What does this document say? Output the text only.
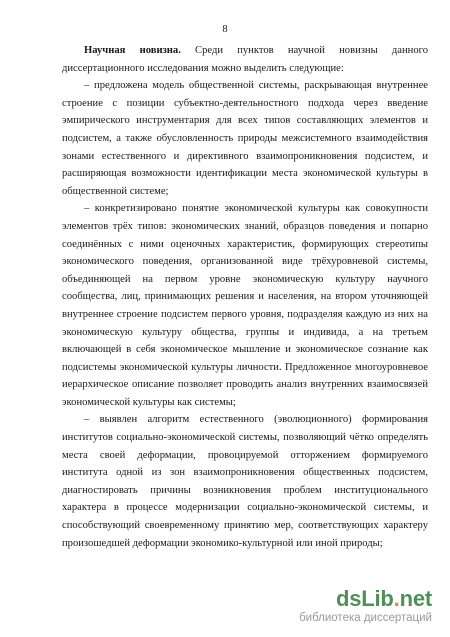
8

Научная новизна. Среди пунктов научной новизны данного диссертационного исследования можно выделить следующие:

– предложена модель общественной системы, раскрывающая внутреннее строение с позиции субъектно-деятельностного подхода через введение эмпирического инструментария для всех типов составляющих элементов и подсистем, а также обусловленность природы межсистемного взаимодействия зонами естественного и директивного взаимопроникновения подсистем, и расширяющая возможности идентификации места экономической культуры в общественной системе;

– конкретизировано понятие экономической культуры как совокупности элементов трёх типов: экономических знаний, образцов поведения и попарно соединённых с ними оценочных характеристик, формирующих стереотипы экономического поведения, организованной виде трёхуровневой системы, объединяющей на первом уровне экономическую культуру научного сообщества, лиц, принимающих решения и населения, на втором уточняющей внутреннее строение подсистем первого уровня, подразделяя каждую из них на экономическую культуру общества, группы и индивида, а на третьем включающей в себя экономическое мышление и экономическое сознание как подсистемы экономической культуры личности. Предложенное многоуровневое иерархическое описание позволяет проводить анализ внутренних взаимосвязей экономической культуры как системы;

– выявлен алгоритм естественного (эволюционного) формирования институтов социально-экономической системы, позволяющий чётко определять места своей деформации, провоцируемой отторжением формируемого института одной из зон взаимопроникновения общественных подсистем, диагностировать причины возникновения проблем институционального характера в процессе модернизации социально-экономической системы, и способствующий своевременному принятию мер, соответствующих характеру произошедшей деформации экономико-культурной или иной природы;

dsLib.net
библиотека диссертаций
